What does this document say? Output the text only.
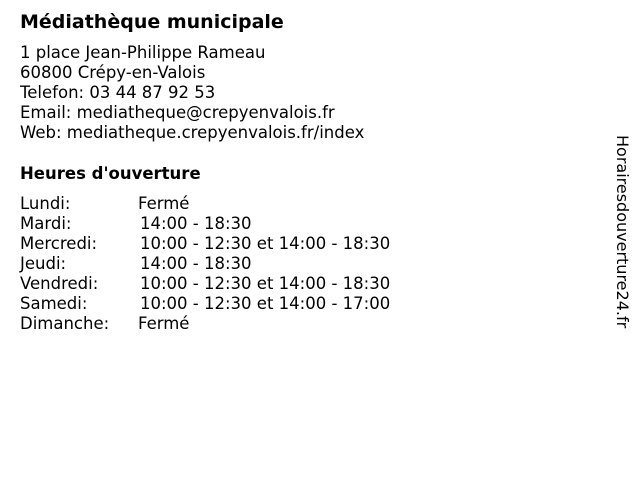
Médiathèque municipale
1 place Jean-Philippe Rameau
60800 Crépy-en-Valois
Telefon: 03 44 87 92 53
Email: mediatheque@crepyenvalois.fr
Web: mediatheque.crepyenvalois.fr/index
Heures d'ouverture
Lundi:	Fermé
Mardi:	14:00 - 18:30
Mercredi:	10:00 - 12:30 et 14:00 - 18:30
Jeudi:	14:00 - 18:30
Vendredi:	10:00 - 12:30 et 14:00 - 18:30
Samedi:	10:00 - 12:30 et 14:00 - 17:00
Dimanche: Fermé	Horairesdouverture24.fr
